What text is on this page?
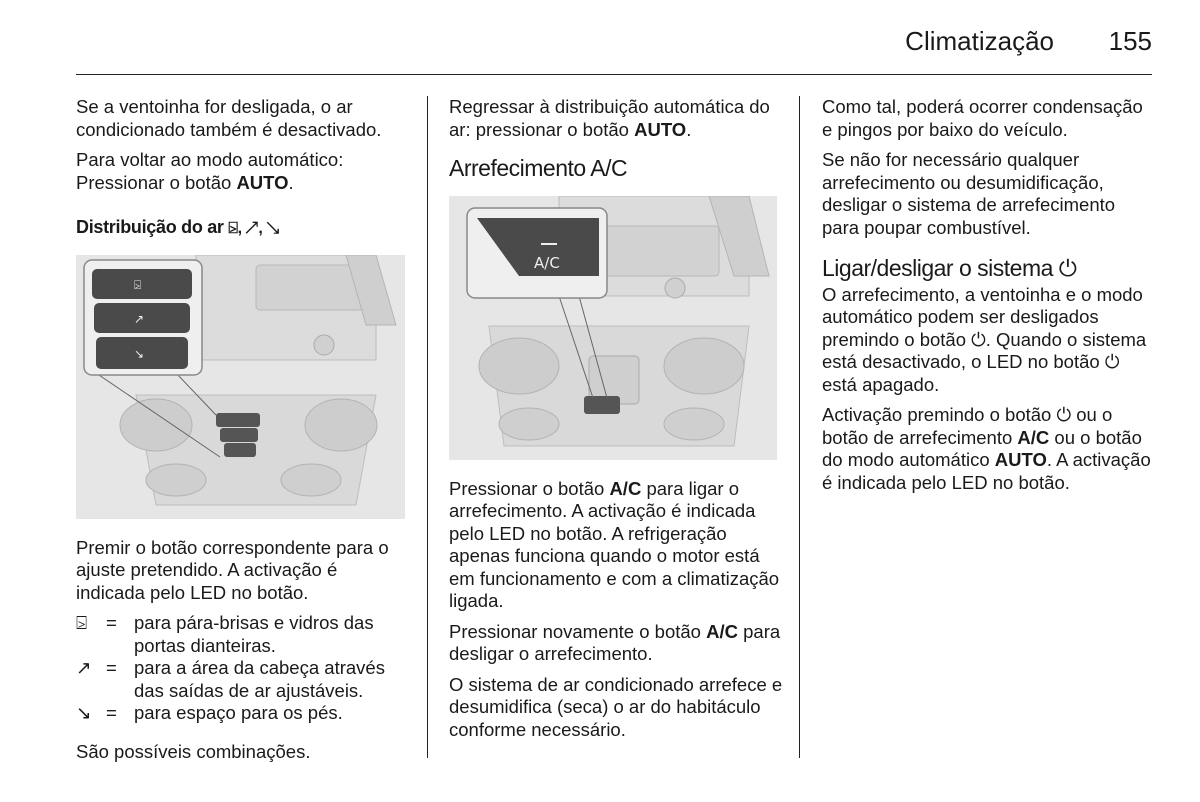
Climatização 155

Se a ventoinha for desligada, o ar condicionado também é desactivado.

Para voltar ao modo automático: Pressionar o botão AUTO.

Distribuição do ar ⍄, ↗, ↘
⍄
↗
↘

Premir o botão correspondente para o ajuste pretendido. A activação é indicada pelo LED no botão.

⍄	= para pára-brisas e vidros das portas dianteiras.
↗ = para a área da cabeça através das saídas de ar ajustáveis.
↘ = para espaço para os pés.

São possíveis combinações.

Regressar à distribuição automática do ar: pressionar o botão AUTO.

Arrefecimento A/C
A/C

Pressionar o botão A/C para ligar o arrefecimento. A activação é indicada pelo LED no botão. A refrigeração apenas funciona quando o motor está em funcionamento e com a climatização ligada.

Pressionar novamente o botão A/C para desligar o arrefecimento.

O sistema de ar condicionado arrefece e desumidifica (seca) o ar do habitáculo conforme necessário.

Como tal, poderá ocorrer condensação e pingos por baixo do veículo.

Se não for necessário qualquer arrefecimento ou desumidificação, desligar o sistema de arrefecimento para poupar combustível.

Ligar/desligar o sistema ⏻

O arrefecimento, a ventoinha e o modo automático podem ser desligados premindo o botão ⏻. Quando o sistema está desactivado, o LED no botão ⏻ está apagado.

Activação premindo o botão ⏻ ou o botão de arrefecimento A/C ou o botão do modo automático AUTO. A activação é indicada pelo LED no botão.
